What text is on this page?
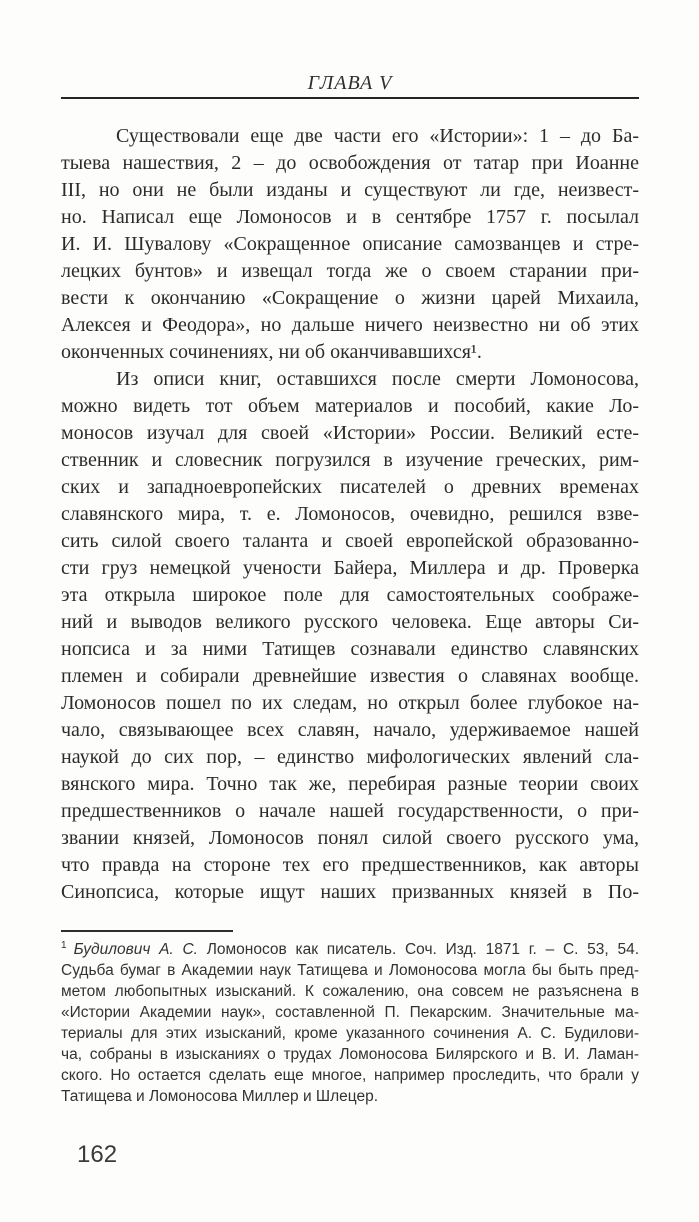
ГЛАВА V
Существовали еще две части его «Истории»: 1 – до Ба-
тыева нашествия, 2 – до освобождения от татар при Иоанне
III, но они не были изданы и существуют ли где, неизвест-
но. Написал еще Ломоносов и в сентябре 1757 г. посылал
И. И. Шувалову «Сокращенное описание самозванцев и стре-
лецких бунтов» и извещал тогда же о своем старании при-
вести к окончанию «Сокращение о жизни царей Михаила,
Алексея и Феодора», но дальше ничего неизвестно ни об этих
оконченных сочинениях, ни об оканчивавшихся¹.
Из описи книг, оставшихся после смерти Ломоносова,
можно видеть тот объем материалов и пособий, какие Ло-
моносов изучал для своей «Истории» России. Великий есте-
ственник и словесник погрузился в изучение греческих, рим-
ских и западноевропейских писателей о древних временах
славянского мира, т. е. Ломоносов, очевидно, решился взве-
сить силой своего таланта и своей европейской образованно-
сти груз немецкой учености Байера, Миллера и др. Проверка
эта открыла широкое поле для самостоятельных соображе-
ний и выводов великого русского человека. Еще авторы Си-
нопсиса и за ними Татищев сознавали единство славянских
племен и собирали древнейшие известия о славянах вообще.
Ломоносов пошел по их следам, но открыл более глубокое на-
чало, связывающее всех славян, начало, удерживаемое нашей
наукой до сих пор, – единство мифологических явлений сла-
вянского мира. Точно так же, перебирая разные теории своих
предшественников о начале нашей государственности, о при-
звании князей, Ломоносов понял силой своего русского ума,
что правда на стороне тех его предшественников, как авторы
Синопсиса, которые ищут наших призванных князей в По-
$^1$ Будилович А. С. Ломоносов как писатель. Соч. Изд. 1871 г. – С. 53, 54.
Судьба бумаг в Академии наук Татищева и Ломоносова могла бы быть пред-
метом любопытных изысканий. К сожалению, она совсем не разъяснена в
«Истории Академии наук», составленной П. Пекарским. Значительные ма-
териалы для этих изысканий, кроме указанного сочинения А. С. Будилови-
ча, собраны в изысканиях о трудах Ломоносова Билярского и В. И. Ламан-
ского. Но остается сделать еще многое, например проследить, что брали у
Татищева и Ломоносова Миллер и Шлецер.
162
